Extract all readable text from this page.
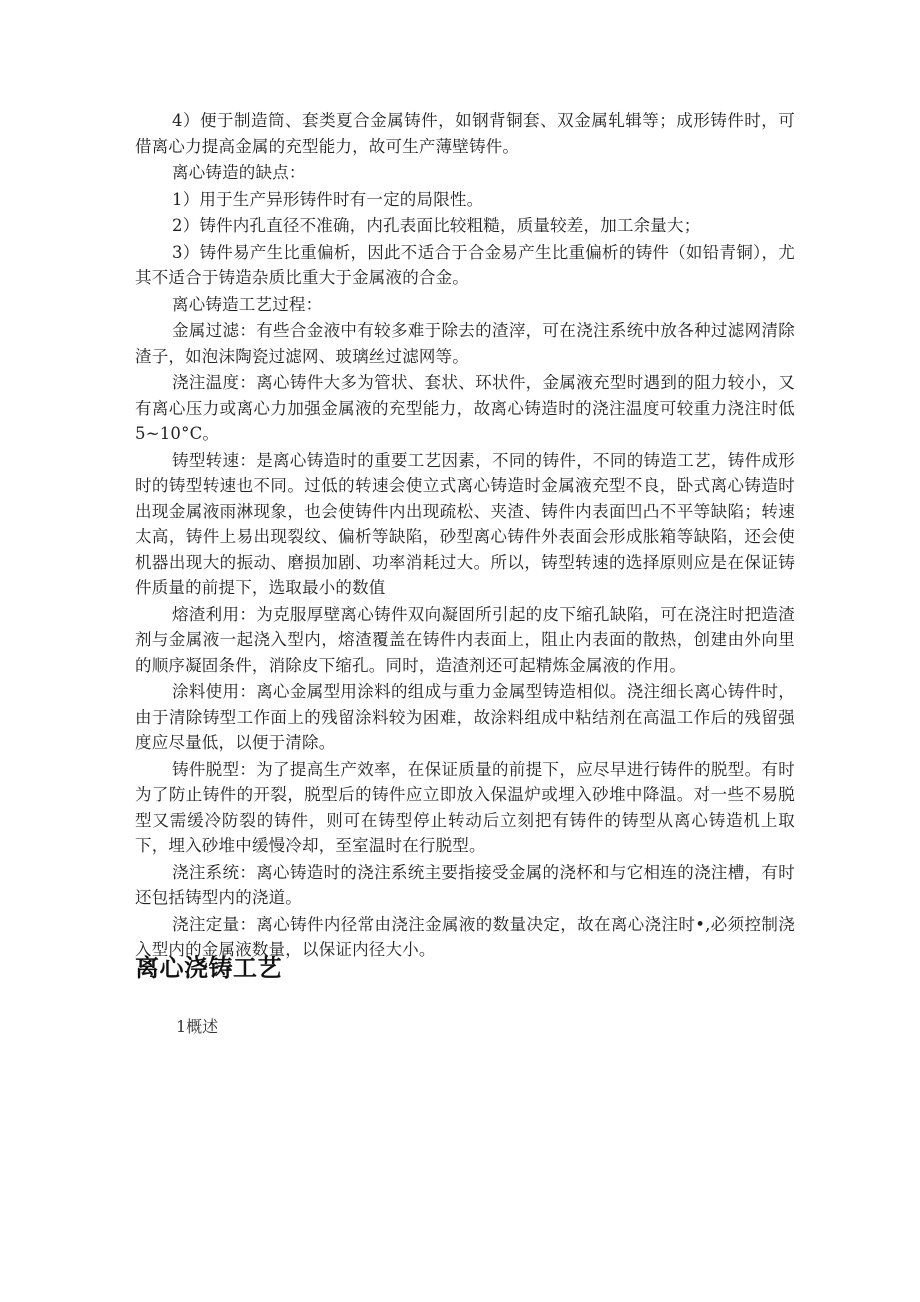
4）便于制造筒、套类夏合金属铸件，如钢背铜套、双金属轧辑等；成形铸件时，可借离心力提高金属的充型能力，故可生产薄壁铸件。

离心铸造的缺点：

1）用于生产异形铸件时有一定的局限性。

2）铸件内孔直径不准确，内孔表面比较粗糙，质量较差，加工余量大；

3）铸件易产生比重偏析，因此不适合于合金易产生比重偏析的铸件（如铅青铜），尤其不适合于铸造杂质比重大于金属液的合金。

离心铸造工艺过程：

金属过滤：有些合金液中有较多难于除去的渣滓，可在浇注系统中放各种过滤网清除渣子，如泡沫陶瓷过滤网、玻璃丝过滤网等。

浇注温度：离心铸件大多为管状、套状、环状件，金属液充型时遇到的阻力较小，又有离心压力或离心力加强金属液的充型能力，故离心铸造时的浇注温度可较重力浇注时低5~10°C。

铸型转速：是离心铸造时的重要工艺因素，不同的铸件，不同的铸造工艺，铸件成形时的铸型转速也不同。过低的转速会使立式离心铸造时金属液充型不良，卧式离心铸造时出现金属液雨淋现象，也会使铸件内出现疏松、夹渣、铸件内表面凹凸不平等缺陷；转速太高，铸件上易出现裂纹、偏析等缺陷，砂型离心铸件外表面会形成胀箱等缺陷，还会使机器出现大的振动、磨损加剧、功率消耗过大。所以，铸型转速的选择原则应是在保证铸件质量的前提下，选取最小的数值

熔渣利用：为克服厚壁离心铸件双向凝固所引起的皮下缩孔缺陷，可在浇注时把造渣剂与金属液一起浇入型内，熔渣覆盖在铸件内表面上，阻止内表面的散热，创建由外向里的顺序凝固条件，消除皮下缩孔。同时，造渣剂还可起精炼金属液的作用。

涂料使用：离心金属型用涂料的组成与重力金属型铸造相似。浇注细长离心铸件时，由于清除铸型工作面上的残留涂料较为困难，故涂料组成中粘结剂在高温工作后的残留强度应尽量低，以便于清除。

铸件脱型：为了提高生产效率，在保证质量的前提下，应尽早进行铸件的脱型。有时为了防止铸件的开裂，脱型后的铸件应立即放入保温炉或埋入砂堆中降温。对一些不易脱型又需缓冷防裂的铸件，则可在铸型停止转动后立刻把有铸件的铸型从离心铸造机上取下，埋入砂堆中缓慢冷却，至室温时在行脱型。

浇注系统：离心铸造时的浇注系统主要指接受金属的浇杯和与它相连的浇注槽，有时还包括铸型内的浇道。

浇注定量：离心铸件内径常由浇注金属液的数量决定，故在离心浇注时•,必须控制浇入型内的金属液数量，以保证内径大小。

离心浇铸工艺

1概述
